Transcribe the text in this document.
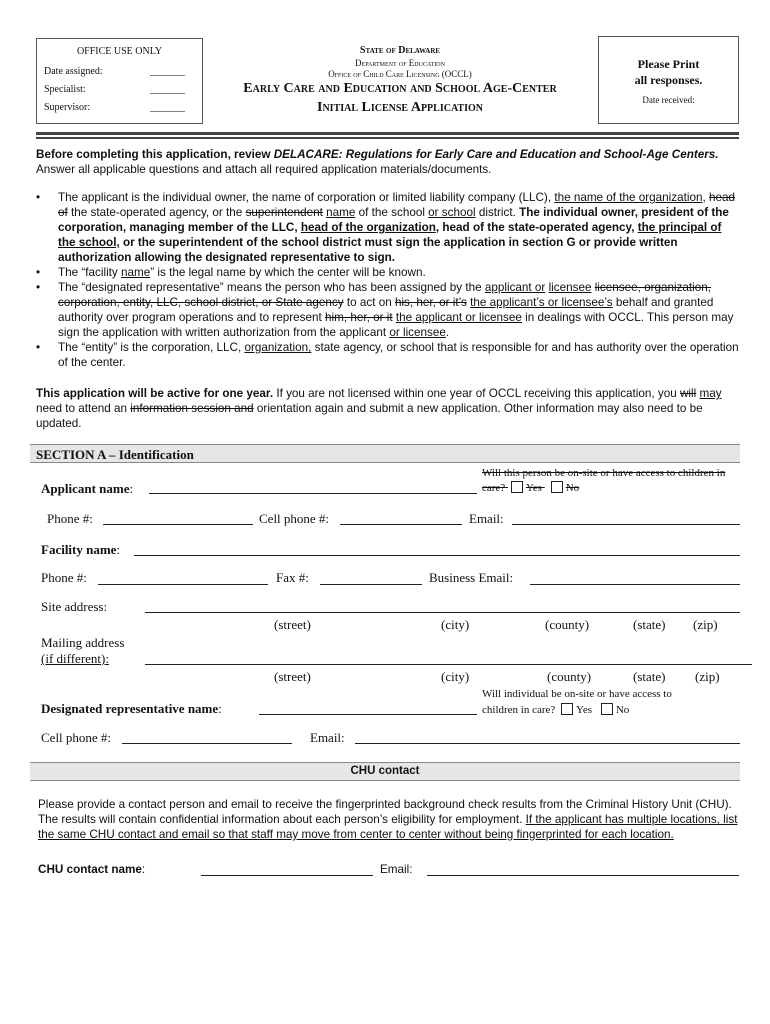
OFFICE USE ONLY
Date assigned:	_______
Specialist:	_______
Supervisor:	_______
State of Delaware
Department of Education
Office of Child Care Licensing (OCCL)
Early Care and Education and School Age-Center
Initial License Application
Please Print
all responses.
Date received:
Before completing this application, review DELACARE: Regulations for Early Care and Education and School-Age Centers. Answer all applicable questions and attach all required application materials/documents.
• The applicant is the individual owner, the name of corporation or limited liability company (LLC), the name of the organization, head of the state-operated agency, or the superintendent name of the school or school district. The individual owner, president of the corporation, managing member of the LLC, head of the organization, head of the state-operated agency, the principal of the school, or the superintendent of the school district must sign the application in section G or provide written authorization allowing the designated representative to sign.
• The “facility name” is the legal name by which the center will be known.
• The “designated representative” means the person who has been assigned by the applicant or licensee licensee, organization, corporation, entity, LLC, school district, or State agency to act on his, her, or it’s the applicant’s or licensee’s behalf and granted authority over program operations and to represent him, her, or it the applicant or licensee in dealings with OCCL. This person may sign the application with written authorization from the applicant or licensee.
• The “entity” is the corporation, LLC, organization, state agency, or school that is responsible for and has authority over the operation of the center.
This application will be active for one year. If you are not licensed within one year of OCCL receiving this application, you will may need to attend an information session and orientation again and submit a new application. Other information may also need to be updated.
SECTION A – Identification
Applicant name:
Will this person be on-site or have access to children in care? Yes No
Phone #:	Cell phone #:	Email:
Facility name:
Phone #:	Fax #:	Business Email:
Site address:
(street)	(city)	(county)	(state) (zip)
Mailing address
(if different):
(street)	(city)	(county)	(state) (zip)
Will individual be on-site or have access to
children in care? Yes No
Designated representative name:
Cell phone #:	Email:
CHU contact
Please provide a contact person and email to receive the fingerprinted background check results from the Criminal History Unit (CHU). The results will contain confidential information about each person’s eligibility for employment. If the applicant has multiple locations, list the same CHU contact and email so that staff may move from center to center without being fingerprinted for each location.
CHU contact name:	Email:
